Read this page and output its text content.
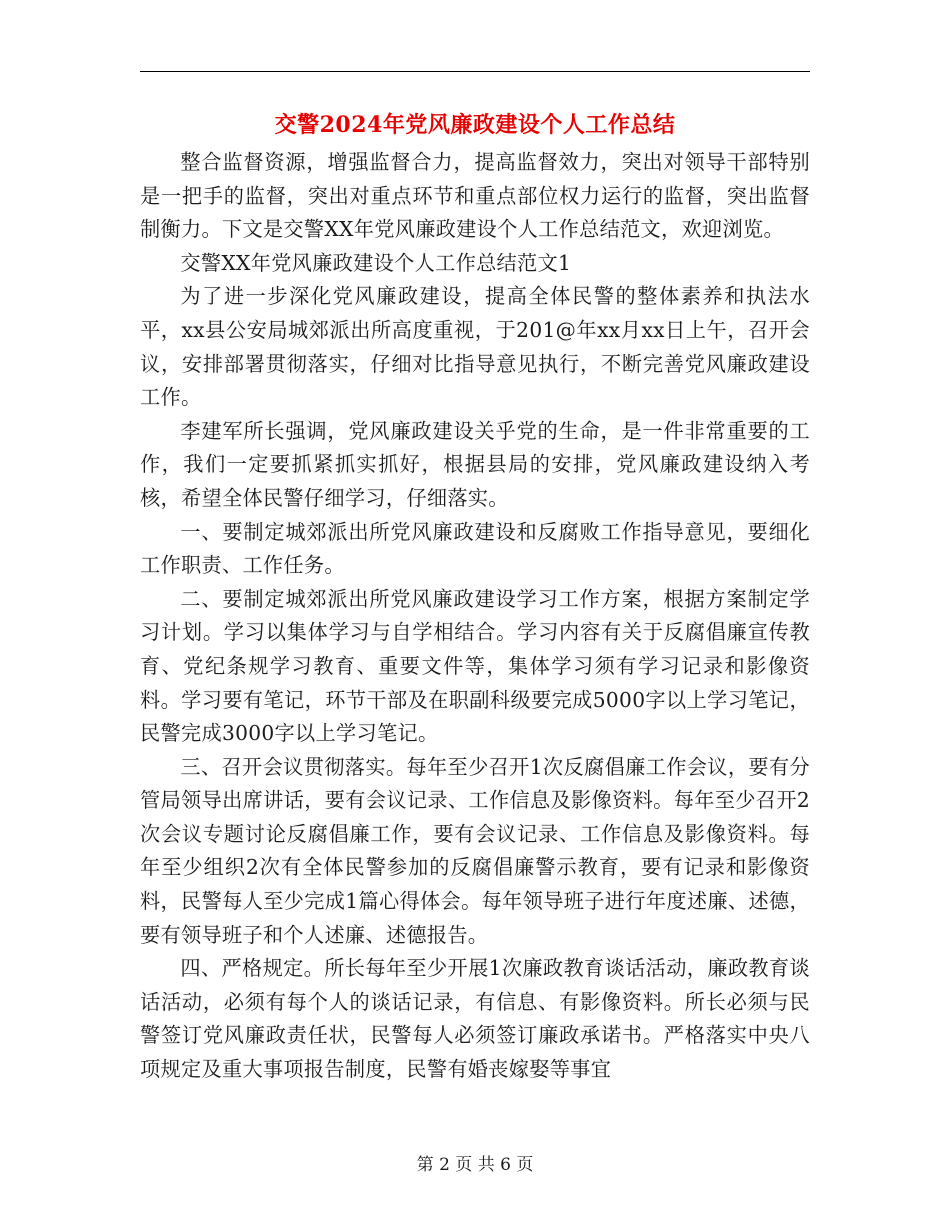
交警2024年党风廉政建设个人工作总结

整合监督资源，增强监督合力，提高监督效力，突出对领导干部特别是一把手的监督，突出对重点环节和重点部位权力运行的监督，突出监督制衡力。下文是交警XX年党风廉政建设个人工作总结范文，欢迎浏览。

交警XX年党风廉政建设个人工作总结范文1

为了进一步深化党风廉政建设，提高全体民警的整体素养和执法水平，xx县公安局城郊派出所高度重视，于201@年xx月xx日上午，召开会议，安排部署贯彻落实，仔细对比指导意见执行，不断完善党风廉政建设工作。

李建军所长强调，党风廉政建设关乎党的生命，是一件非常重要的工作，我们一定要抓紧抓实抓好，根据县局的安排，党风廉政建设纳入考核，希望全体民警仔细学习，仔细落实。

一、要制定城郊派出所党风廉政建设和反腐败工作指导意见，要细化工作职责、工作任务。

二、要制定城郊派出所党风廉政建设学习工作方案，根据方案制定学习计划。学习以集体学习与自学相结合。学习内容有关于反腐倡廉宣传教育、党纪条规学习教育、重要文件等，集体学习须有学习记录和影像资料。学习要有笔记，环节干部及在职副科级要完成5000字以上学习笔记，民警完成3000字以上学习笔记。

三、召开会议贯彻落实。每年至少召开1次反腐倡廉工作会议，要有分管局领导出席讲话，要有会议记录、工作信息及影像资料。每年至少召开2次会议专题讨论反腐倡廉工作，要有会议记录、工作信息及影像资料。每年至少组织2次有全体民警参加的反腐倡廉警示教育，要有记录和影像资料，民警每人至少完成1篇心得体会。每年领导班子进行年度述廉、述德，要有领导班子和个人述廉、述德报告。

四、严格规定。所长每年至少开展1次廉政教育谈话活动，廉政教育谈话活动，必须有每个人的谈话记录，有信息、有影像资料。所长必须与民警签订党风廉政责任状，民警每人必须签订廉政承诺书。严格落实中央八项规定及重大事项报告制度，民警有婚丧嫁娶等事宜

第 2 页 共 6 页
